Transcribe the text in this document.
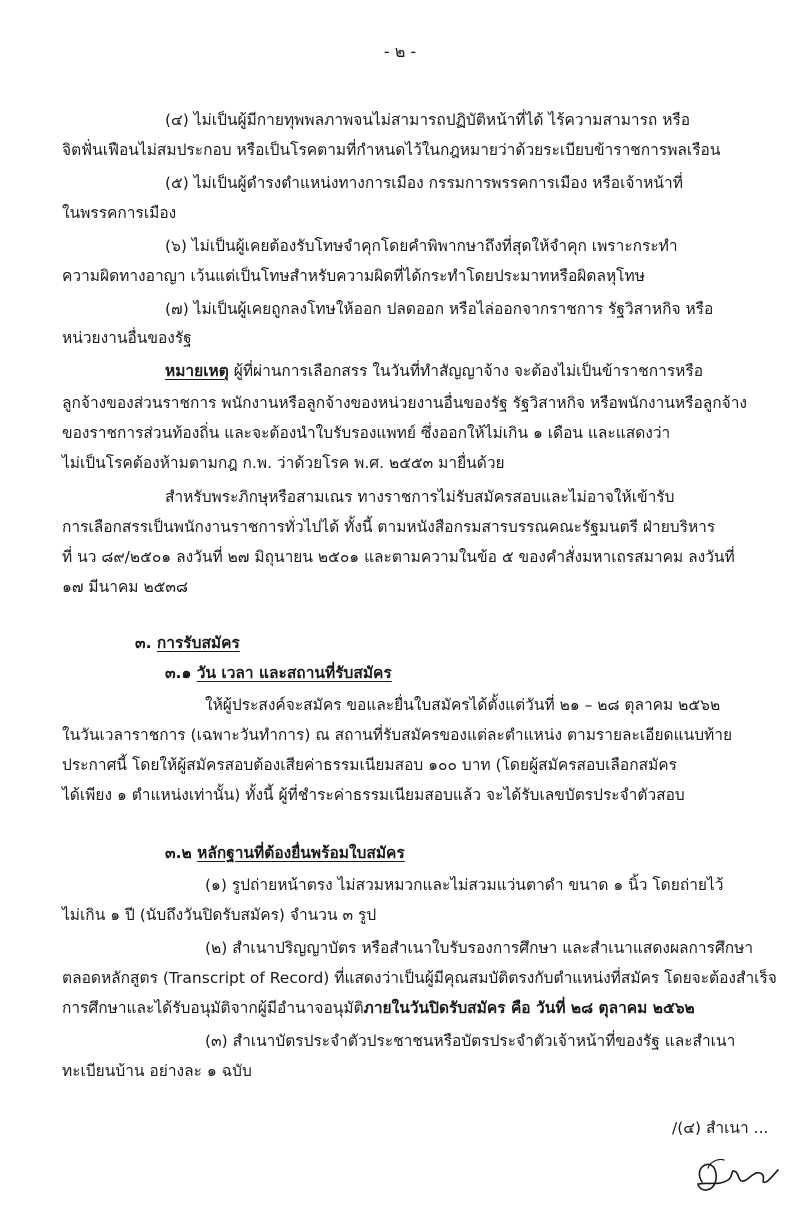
- ๒ -
(๔) ไม่เป็นผู้มีกายทุพพลภาพจนไม่สามารถปฏิบัติหน้าที่ได้ ไร้ความสามารถ หรือ
จิตฟั่นเฟือนไม่สมประกอบ หรือเป็นโรคตามที่กำหนดไว้ในกฎหมายว่าด้วยระเบียบข้าราชการพลเรือน
(๕) ไม่เป็นผู้ดำรงตำแหน่งทางการเมือง กรรมการพรรคการเมือง หรือเจ้าหน้าที่
ในพรรคการเมือง
(๖) ไม่เป็นผู้เคยต้องรับโทษจำคุกโดยคำพิพากษาถึงที่สุดให้จำคุก เพราะกระทำ
ความผิดทางอาญา เว้นแต่เป็นโทษสำหรับความผิดที่ได้กระทำโดยประมาทหรือผิดลหุโทษ
(๗) ไม่เป็นผู้เคยถูกลงโทษให้ออก ปลดออก หรือไล่ออกจากราชการ รัฐวิสาหกิจ หรือ
หน่วยงานอื่นของรัฐ
หมายเหตุ ผู้ที่ผ่านการเลือกสรร ในวันที่ทำสัญญาจ้าง จะต้องไม่เป็นข้าราชการหรือ
ลูกจ้างของส่วนราชการ พนักงานหรือลูกจ้างของหน่วยงานอื่นของรัฐ รัฐวิสาหกิจ หรือพนักงานหรือลูกจ้าง
ของราชการส่วนท้องถิ่น และจะต้องนำใบรับรองแพทย์ ซึ่งออกให้ไม่เกิน ๑ เดือน และแสดงว่า
ไม่เป็นโรคต้องห้ามตามกฎ ก.พ. ว่าด้วยโรค พ.ศ. ๒๕๕๓ มายื่นด้วย
สำหรับพระภิกษุหรือสามเณร ทางราชการไม่รับสมัครสอบและไม่อาจให้เข้ารับ
การเลือกสรรเป็นพนักงานราชการทั่วไปได้ ทั้งนี้ ตามหนังสือกรมสารบรรณคณะรัฐมนตรี ฝ่ายบริหาร
ที่ นว ๘๙/๒๕๐๑ ลงวันที่ ๒๗ มิถุนายน ๒๕๐๑ และตามความในข้อ ๕ ของคำสั่งมหาเถรสมาคม ลงวันที่
๑๗ มีนาคม ๒๕๓๘
๓. การรับสมัคร
๓.๑ วัน เวลา และสถานที่รับสมัคร
ให้ผู้ประสงค์จะสมัคร ขอและยื่นใบสมัครได้ตั้งแต่วันที่ ๒๑ – ๒๘ ตุลาคม ๒๕๖๒
ในวันเวลาราชการ (เฉพาะวันทำการ) ณ สถานที่รับสมัครของแต่ละตำแหน่ง ตามรายละเอียดแนบท้าย
ประกาศนี้ โดยให้ผู้สมัครสอบต้องเสียค่าธรรมเนียมสอบ ๑๐๐ บาท (โดยผู้สมัครสอบเลือกสมัคร
ได้เพียง ๑ ตำแหน่งเท่านั้น) ทั้งนี้ ผู้ที่ชำระค่าธรรมเนียมสอบแล้ว จะได้รับเลขบัตรประจำตัวสอบ
๓.๒ หลักฐานที่ต้องยื่นพร้อมใบสมัคร
(๑) รูปถ่ายหน้าตรง ไม่สวมหมวกและไม่สวมแว่นตาดำ ขนาด ๑ นิ้ว โดยถ่ายไว้
ไม่เกิน ๑ ปี (นับถึงวันปิดรับสมัคร) จำนวน ๓ รูป
(๒) สำเนาปริญญาบัตร หรือสำเนาใบรับรองการศึกษา และสำเนาแสดงผลการศึกษา
ตลอดหลักสูตร (Transcript of Record) ที่แสดงว่าเป็นผู้มีคุณสมบัติตรงกับตำแหน่งที่สมัคร โดยจะต้องสำเร็จ
การศึกษาและได้รับอนุมัติจากผู้มีอำนาจอนุมัติภายในวันปิดรับสมัคร คือ วันที่ ๒๘ ตุลาคม ๒๕๖๒
(๓) สำเนาบัตรประจำตัวประชาชนหรือบัตรประจำตัวเจ้าหน้าที่ของรัฐ และสำเนา
ทะเบียนบ้าน อย่างละ ๑ ฉบับ
/(๔) สำเนา ...
